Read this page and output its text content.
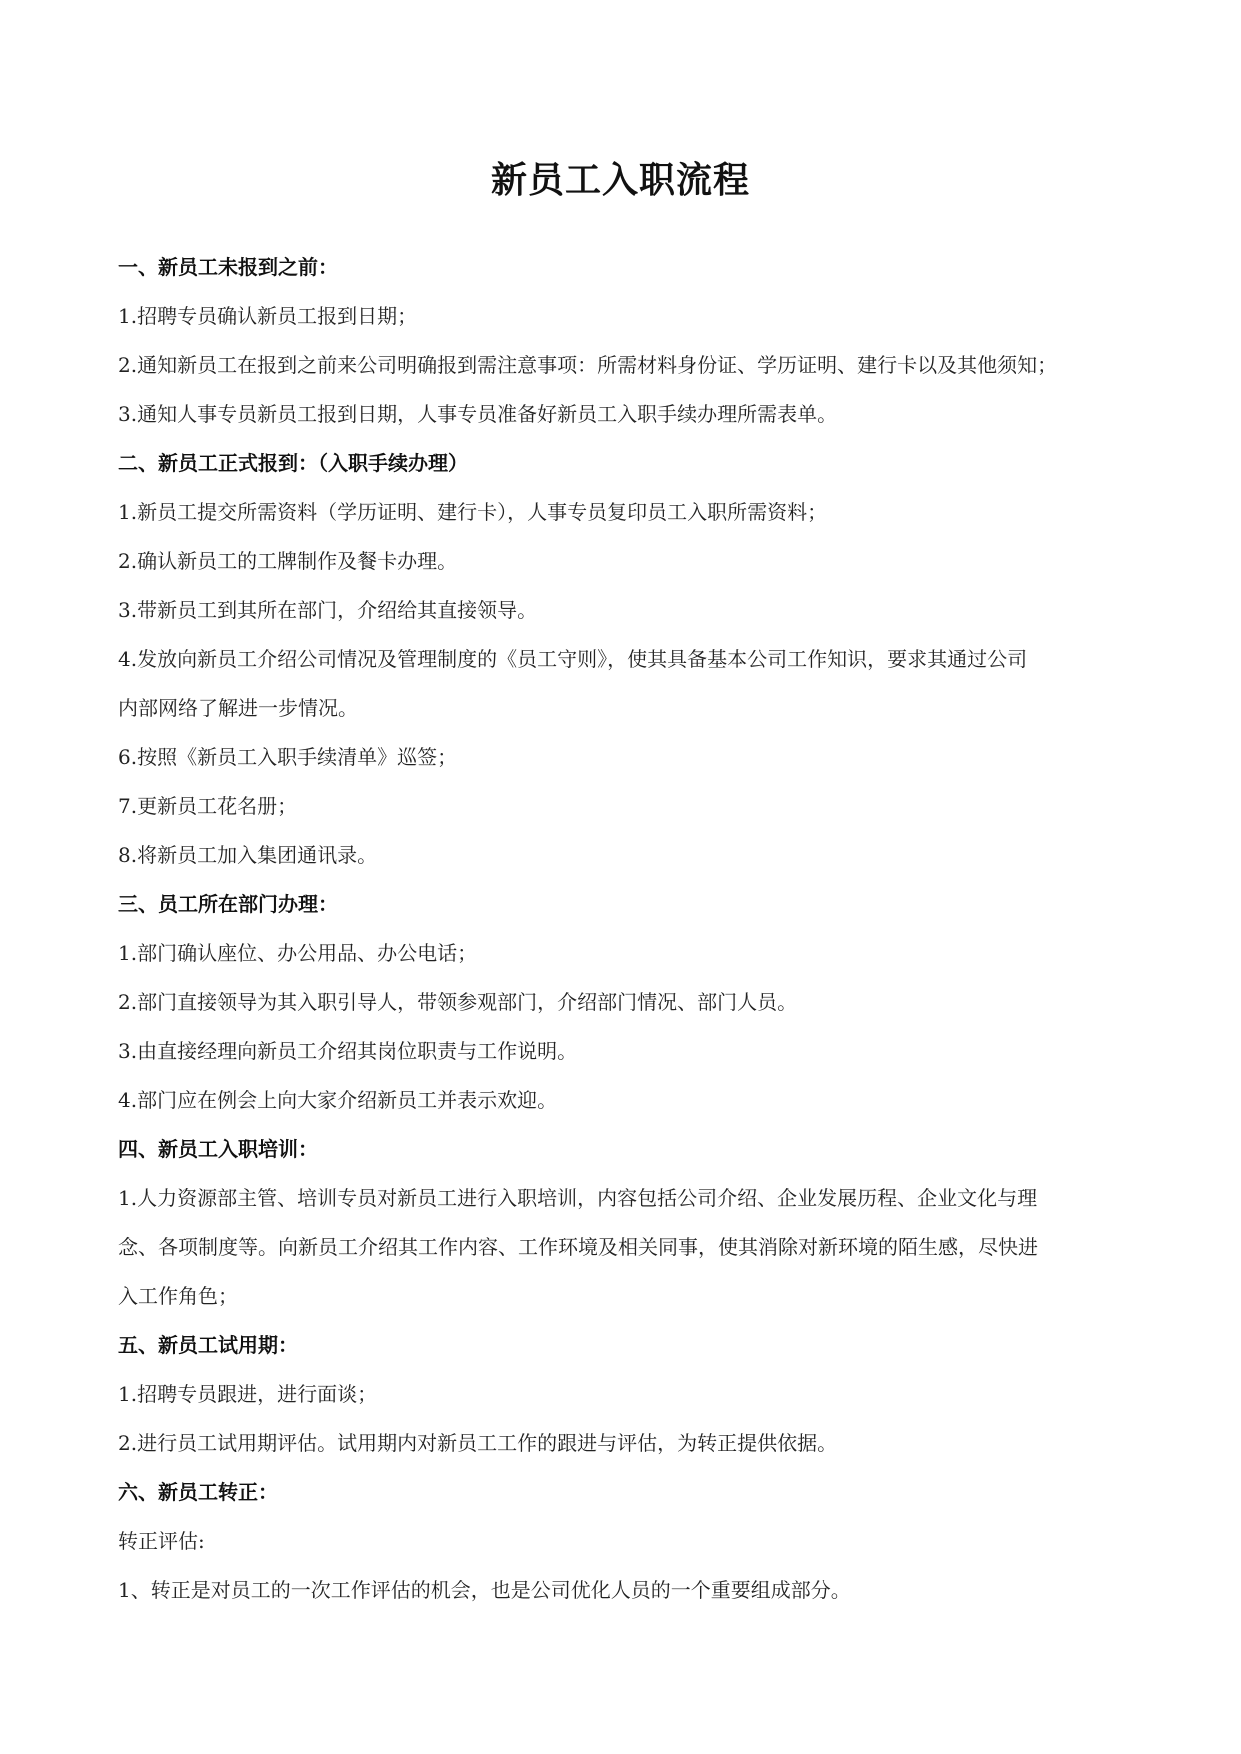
新员工入职流程
一、新员工未报到之前：
1.招聘专员确认新员工报到日期；
2.通知新员工在报到之前来公司明确报到需注意事项：所需材料身份证、学历证明、建行卡以及其他须知；
3.通知人事专员新员工报到日期，人事专员准备好新员工入职手续办理所需表单。
二、新员工正式报到：（入职手续办理）
1.新员工提交所需资料（学历证明、建行卡），人事专员复印员工入职所需资料；
2.确认新员工的工牌制作及餐卡办理。
3.带新员工到其所在部门，介绍给其直接领导。
4.发放向新员工介绍公司情况及管理制度的《员工守则》，使其具备基本公司工作知识，要求其通过公司
内部网络了解进一步情况。
6.按照《新员工入职手续清单》巡签；
7.更新员工花名册；
8.将新员工加入集团通讯录。
三、员工所在部门办理：
1.部门确认座位、办公用品、办公电话；
2.部门直接领导为其入职引导人，带领参观部门，介绍部门情况、部门人员。
3.由直接经理向新员工介绍其岗位职责与工作说明。
4.部门应在例会上向大家介绍新员工并表示欢迎。
四、新员工入职培训：
1.人力资源部主管、培训专员对新员工进行入职培训，内容包括公司介绍、企业发展历程、企业文化与理
念、各项制度等。向新员工介绍其工作内容、工作环境及相关同事，使其消除对新环境的陌生感，尽快进
入工作角色；
五、新员工试用期：
1.招聘专员跟进，进行面谈；
2.进行员工试用期评估。试用期内对新员工工作的跟进与评估，为转正提供依据。
六、新员工转正：
转正评估:
1、转正是对员工的一次工作评估的机会，也是公司优化人员的一个重要组成部分。
